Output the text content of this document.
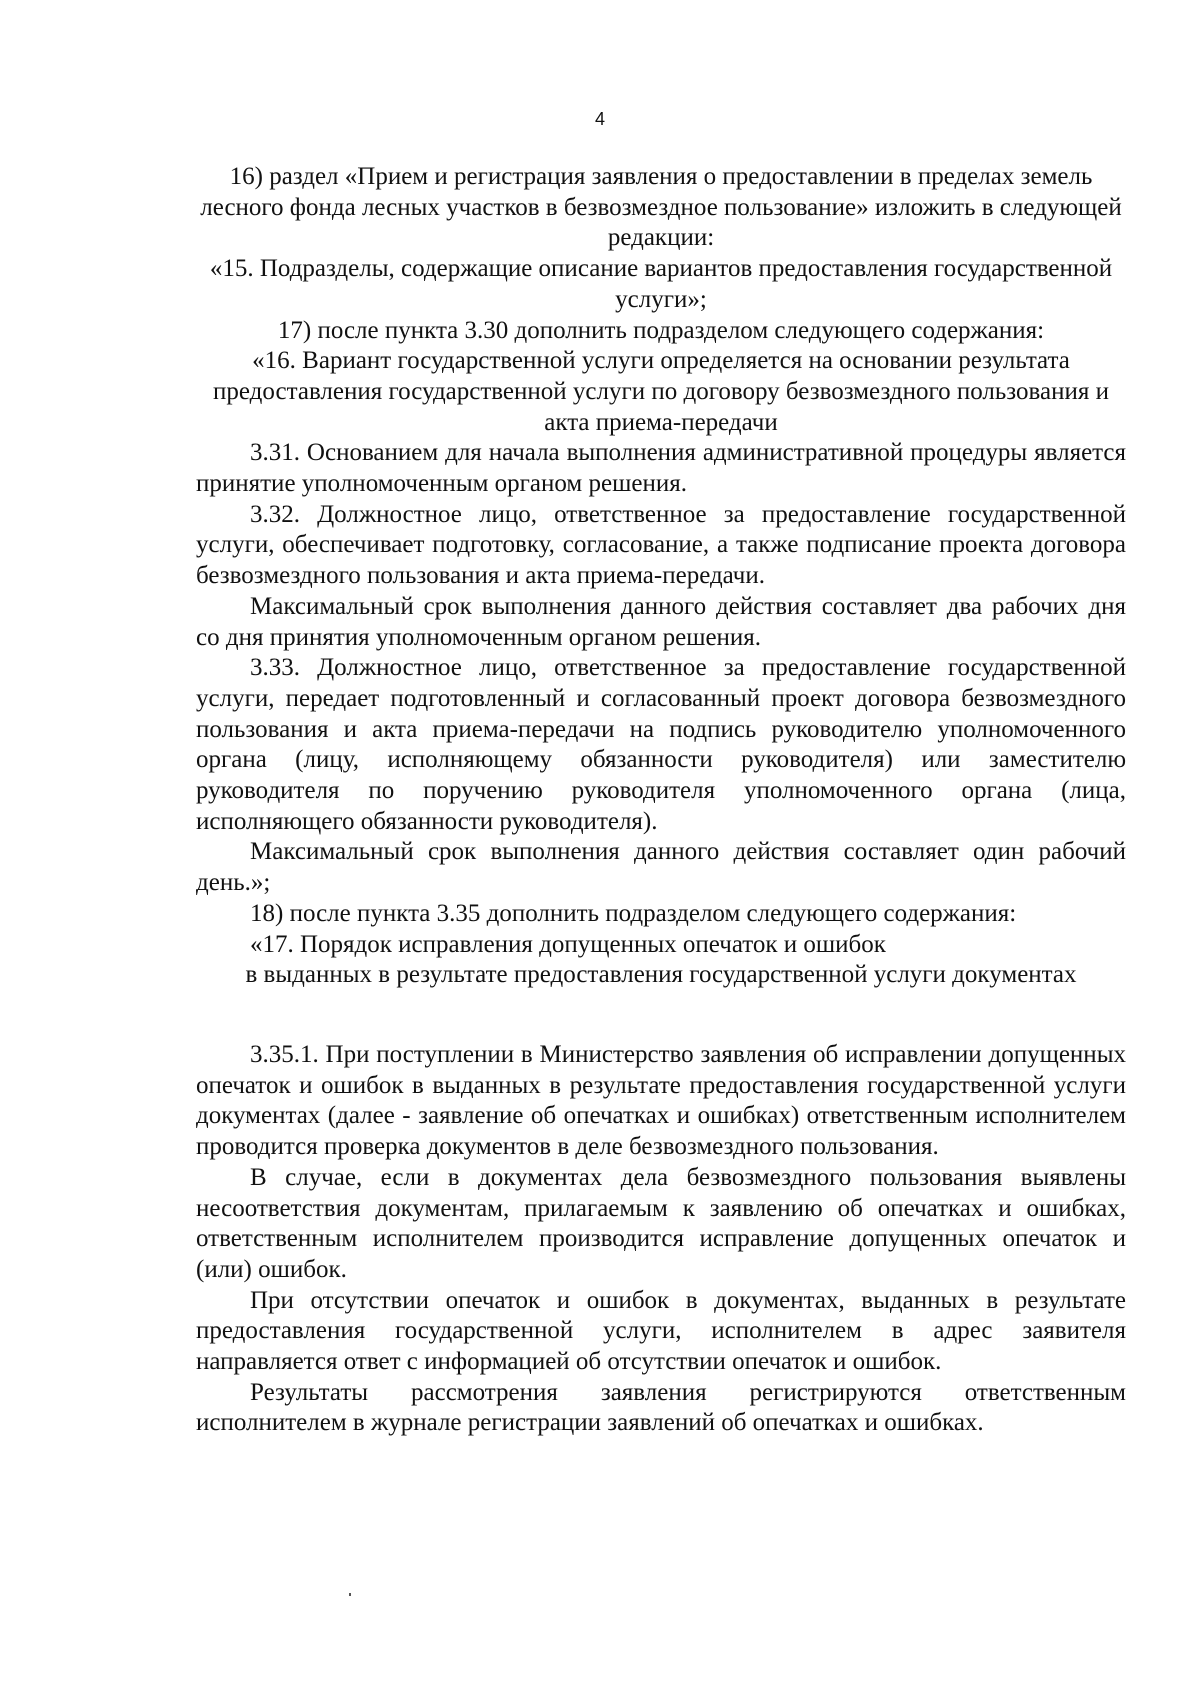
4
16) раздел «Прием и регистрация заявления о предоставлении в пределах земель лесного фонда лесных участков в безвозмездное пользование» изложить в следующей редакции:
«15. Подразделы, содержащие описание вариантов предоставления государственной услуги»;
17) после пункта 3.30 дополнить подразделом следующего содержания:
«16. Вариант государственной услуги определяется на основании результата предоставления государственной услуги по договору безвозмездного пользования и акта приема-передачи
3.31. Основанием для начала выполнения административной процедуры является принятие уполномоченным органом решения.
3.32. Должностное лицо, ответственное за предоставление государственной услуги, обеспечивает подготовку, согласование, а также подписание проекта договора безвозмездного пользования и акта приема-передачи.
Максимальный срок выполнения данного действия составляет два рабочих дня со дня принятия уполномоченным органом решения.
3.33. Должностное лицо, ответственное за предоставление государственной услуги, передает подготовленный и согласованный проект договора безвозмездного пользования и акта приема-передачи на подпись руководителю уполномоченного органа (лицу, исполняющему обязанности руководителя) или заместителю руководителя по поручению руководителя уполномоченного органа (лица, исполняющего обязанности руководителя).
Максимальный срок выполнения данного действия составляет один рабочий день.»;
18) после пункта 3.35 дополнить подразделом следующего содержания:
«17. Порядок исправления допущенных опечаток и ошибок
в выданных в результате предоставления государственной услуги документах
3.35.1. При поступлении в Министерство заявления об исправлении допущенных опечаток и ошибок в выданных в результате предоставления государственной услуги документах (далее - заявление об опечатках и ошибках) ответственным исполнителем проводится проверка документов в деле безвозмездного пользования.
В случае, если в документах дела безвозмездного пользования выявлены несоответствия документам, прилагаемым к заявлению об опечатках и ошибках, ответственным исполнителем производится исправление допущенных опечаток и (или) ошибок.
При отсутствии опечаток и ошибок в документах, выданных в результате предоставления государственной услуги, исполнителем в адрес заявителя направляется ответ с информацией об отсутствии опечаток и ошибок.
Результаты рассмотрения заявления регистрируются ответственным исполнителем в журнале регистрации заявлений об опечатках и ошибках.
